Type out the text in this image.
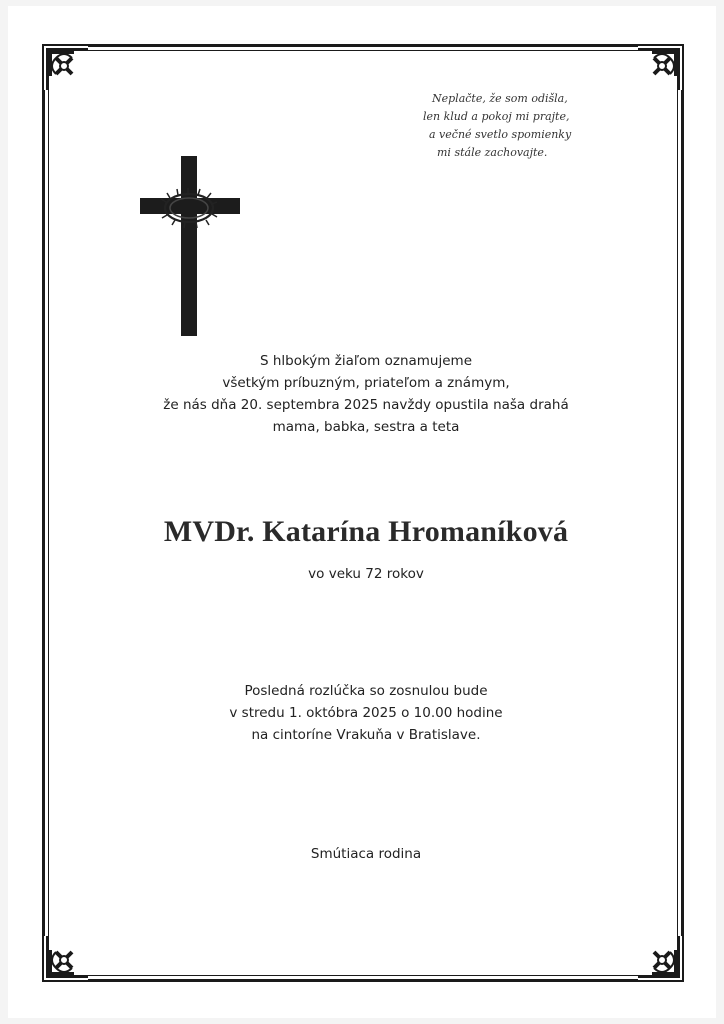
Neplačte, že som odišla,
len klud a pokoj mi prajte,
a večné svetlo spomienky
mi stále zachovajte.
S hlbokým žiaľom oznamujeme
všetkým príbuzným, priateľom a známym,
že nás dňa 20. septembra 2025 navždy opustila naša drahá
mama, babka, sestra a teta
MVDr. Katarína Hromaníková
vo veku 72 rokov
Posledná rozlúčka so zosnulou bude
v stredu 1. októbra 2025 o 10.00 hodine
na cintoríne Vrakuňa v Bratislave.
Smútiaca rodina
